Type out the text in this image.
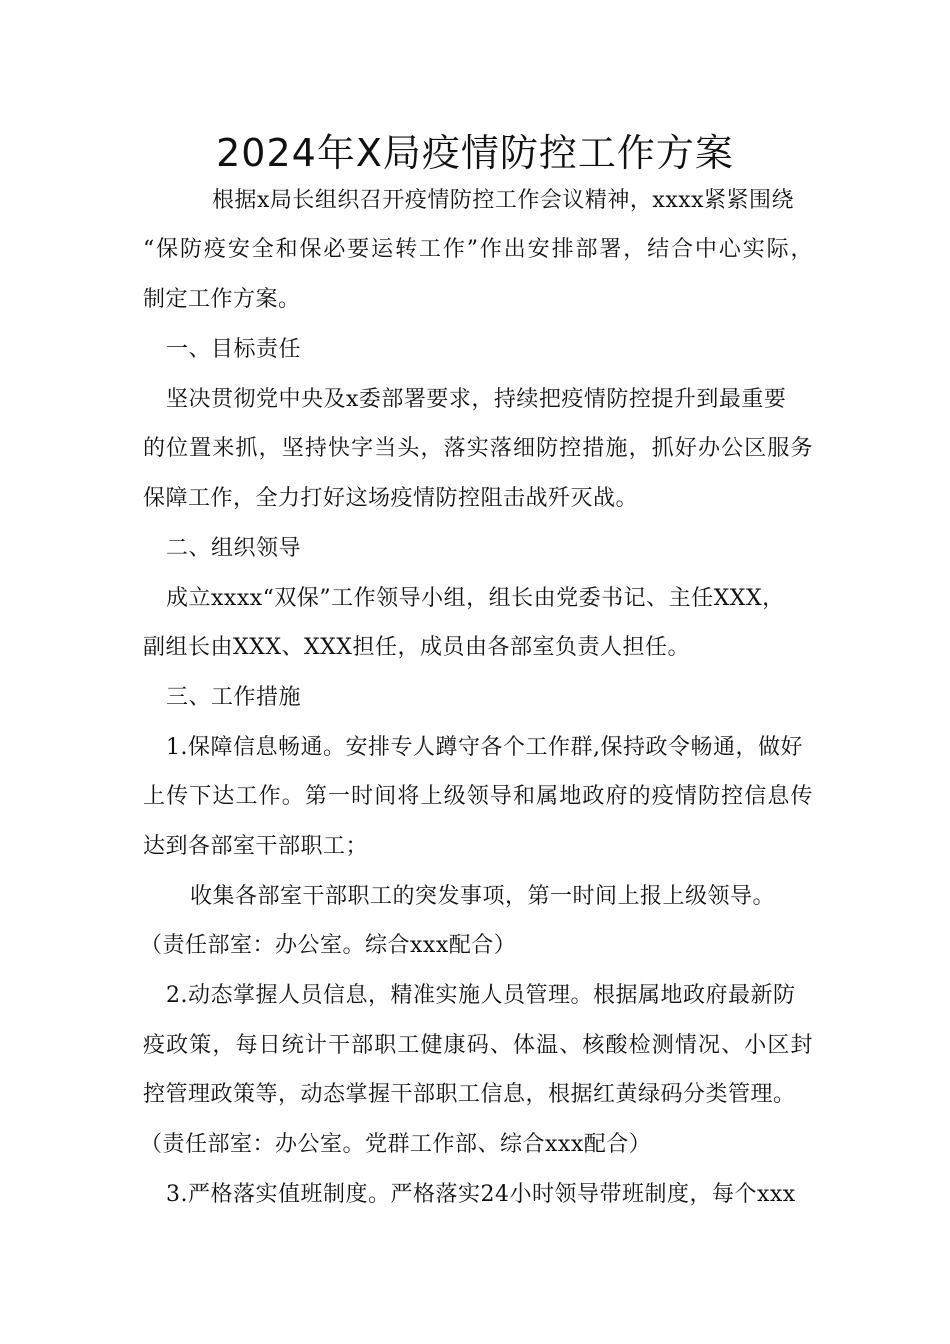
2024年X局疫情防控工作方案
根据x局长组织召开疫情防控工作会议精神，xxxx紧紧围绕
“保防疫安全和保必要运转工作”作出安排部署，结合中心实际，
制定工作方案。
一、目标责任
坚决贯彻党中央及x委部署要求，持续把疫情防控提升到最重要
的位置来抓，坚持快字当头，落实落细防控措施，抓好办公区服务
保障工作，全力打好这场疫情防控阻击战歼灭战。
二、组织领导
成立xxxx“双保”工作领导小组，组长由党委书记、主任XXX，
副组长由XXX、XXX担任，成员由各部室负责人担任。
三、工作措施
1.保障信息畅通。安排专人蹲守各个工作群,保持政令畅通，做好
上传下达工作。第一时间将上级领导和属地政府的疫情防控信息传
达到各部室干部职工；
收集各部室干部职工的突发事项，第一时间上报上级领导。
（责任部室：办公室。综合xxx配合）
2.动态掌握人员信息，精准实施人员管理。根据属地政府最新防
疫政策，每日统计干部职工健康码、体温、核酸检测情况、小区封
控管理政策等，动态掌握干部职工信息，根据红黄绿码分类管理。
（责任部室：办公室。党群工作部、综合xxx配合）
3.严格落实值班制度。严格落实24小时领导带班制度，每个xxx
